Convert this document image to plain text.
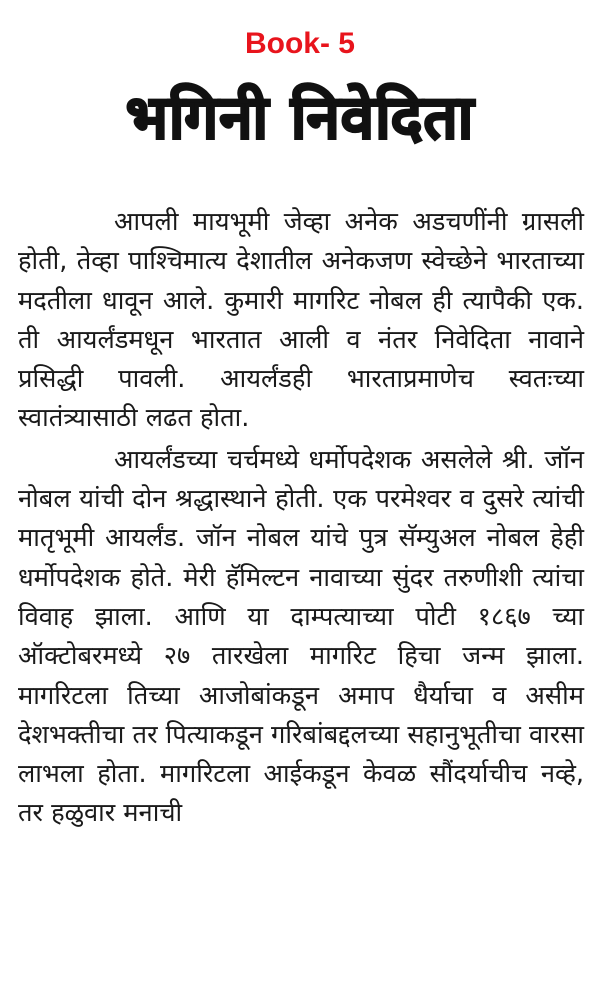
Book- 5
भगिनी निवेदिता

आपली मायभूमी जेव्हा अनेक अडचणींनी ग्रासली होती, तेव्हा पाश्चिमात्य देशातील अनेकजण स्वेच्छेने भारताच्या मदतीला धावून आले. कुमारी मागरिट नोबल ही त्यापैकी एक. ती आयर्लंडमधून भारतात आली व नंतर निवेदिता नावाने प्रसिद्धी पावली. आयर्लंडही भारताप्रमाणेच स्वतःच्या स्वातंत्र्यासाठी लढत होता.

आयर्लंडच्या चर्चमध्ये धर्मोपदेशक असलेले श्री. जॉन नोबल यांची दोन श्रद्धास्थाने होती. एक परमेश्वर व दुसरे त्यांची मातृभूमी आयर्लंड. जॉन नोबल यांचे पुत्र सॅम्युअल नोबल हेही धर्मोपदेशक होते. मेरी हॅमिल्टन नावाच्या सुंदर तरुणीशी त्यांचा विवाह झाला. आणि या दाम्पत्याच्या पोटी १८६७ च्या ऑक्टोबरमध्ये २७ तारखेला मागरिट हिचा जन्म झाला. मागरिटला तिच्या आजोबांकडून अमाप धैर्याचा व असीम देशभक्तीचा तर पित्याकडून गरिबांबद्दलच्या सहानुभूतीचा वारसा लाभला होता. मागरिटला आईकडून केवळ सौंदर्याचीच नव्हे, तर हळुवार मनाची
